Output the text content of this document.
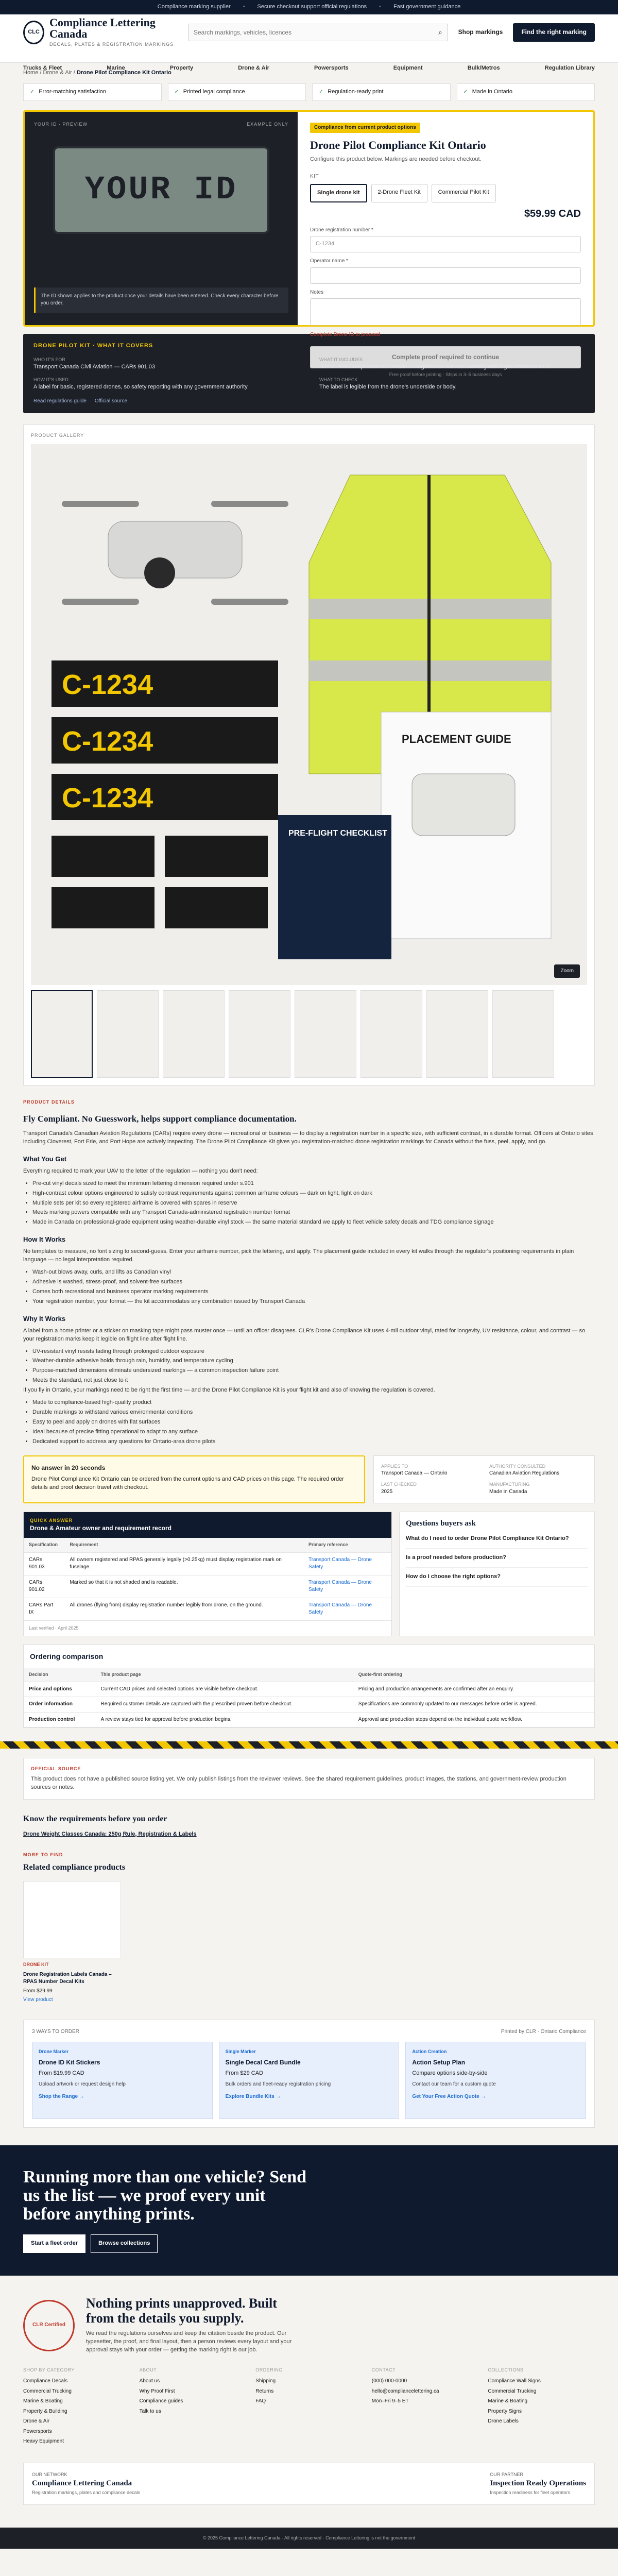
Compliance marking supplier • Secure checkout support official regulations • Fast government guidance
CLC
Compliance Lettering Canada
DECALS, PLATES & REGISTRATION MARKINGS
Search markings, vehicles, licences
⌕	Shop markings	Find the right marking
Trucks & Fleet	Marine	Property	Drone & Air	Powersports	Equipment	Bulk/Metros	Regulation Library
Home / Drone & Air / Drone Pilot Compliance Kit Ontario
✓ Error-matching satisfaction	✓ Printed legal compliance	✓ Regulation-ready print	✓ Made in Ontario
YOUR ID · PREVIEW	EXAMPLE ONLY
YOUR ID
The ID shown applies to the product once your details have been entered. Check every character before you order.
Compliance from current product options
Drone Pilot Compliance Kit Ontario
Configure this product below. Markings are needed before checkout.
KIT
Single drone kit	2-Drone Fleet Kit	Commercial Pilot Kit
$59.99 CAD
Drone registration number *
C-1234
Operator name *
Notes
Complete Drone ID to proceed
Complete proof required to continue
Free proof before printing · Ships in 3–5 business days
DRONE PILOT KIT · WHAT IT COVERS
WHO IT'S FOR
Transport Canada Civil Aviation — CARs 901.03
WHAT IT INCLUDES
Drone Pilot Compliance Kit Ontario — registration number marking with flight reference card.
HOW IT'S USED
A label for basic, registered drones, so safety reporting with any government authority.
WHAT TO CHECK
The label is legible from the drone's underside or body.
Read regulations guide Official source
PRODUCT GALLERY
C-1234
C-1234
C-1234
PLACEMENT GUIDE
PRE-FLIGHT CHECKLIST
Zoom
PRODUCT DETAILS
Fly Compliant. No Guesswork, helps support compliance documentation.

Transport Canada's Canadian Aviation Regulations (CARs) require every drone — recreational or business — to display a registration number in a specific size, with sufficient contrast, in a durable format. Officers at Ontario sites including Cloverest, Fort Erie, and Port Hope are actively inspecting. The Drone Pilot Compliance Kit gives you registration-matched drone registration markings for Canada without the fuss, peel, apply, and go.

What You Get

Everything required to mark your UAV to the letter of the regulation — nothing you don't need:

• Pre-cut vinyl decals sized to meet the minimum lettering dimension required under s.901
• High-contrast colour options engineered to satisfy contrast requirements against common airframe colours — dark on light, light on dark
• Multiple sets per kit so every registered airframe is covered with spares in reserve
• Meets marking powers compatible with any Transport Canada-administered registration number format
• Made in Canada on professional-grade equipment using weather-durable vinyl stock — the same material standard we apply to fleet vehicle safety decals and TDG compliance signage
How It Works

No templates to measure, no font sizing to second-guess. Enter your airframe number, pick the lettering, and apply. The placement guide included in every kit walks through the regulator's positioning requirements in plain language — no legal interpretation required.

• Wash-out blows away, curls, and lifts as Canadian vinyl
• Adhesive is washed, stress-proof, and solvent-free surfaces
• Comes both recreational and business operator marking requirements
• Your registration number, your format — the kit accommodates any combination issued by Transport Canada
Why It Works

A label from a home printer or a sticker on masking tape might pass muster once — until an officer disagrees. CLR's Drone Compliance Kit uses 4-mil outdoor vinyl, rated for longevity, UV resistance, colour, and contrast — so your registration marks keep it legible on flight line after flight line.

• UV-resistant vinyl resists fading through prolonged outdoor exposure
• Weather-durable adhesive holds through rain, humidity, and temperature cycling
• Purpose-matched dimensions eliminate undersized markings — a common inspection failure point
• Meets the standard, not just close to it

If you fly in Ontario, your markings need to be right the first time — and the Drone Pilot Compliance Kit is your flight kit and also of knowing the regulation is covered.

• Made to compliance-based high-quality product
• Durable markings to withstand various environmental conditions
• Easy to peel and apply on drones with flat surfaces
• Ideal because of precise fitting operational to adapt to any surface
• Dedicated support to address any questions for Ontario-area drone pilots
No answer in 20 seconds

Drone Pilot Compliance Kit Ontario can be ordered from the current options and CAD prices on this page. The required order details and proof decision travel with checkout.

APPLIES TO
Transport Canada — Ontario
AUTHORITY CONSULTED
Canadian Aviation Regulations
LAST CHECKED
2025
MANUFACTURING
Made in Canada
QUICK ANSWER
Drone & Amateur owner and requirement record
Specification	Requirement	Primary reference
CARs 901.03	All owners registered and RPAS generally legally (>0.25kg) must display registration mark on fuselage.	Transport Canada — Drone Safety
CARs 901.02	Marked so that it is not shaded and is readable.	Transport Canada — Drone Safety
CARs Part IX	All drones (flying from) display registration number legibly from drone, on the ground.	Transport Canada — Drone Safety
Last verified · April 2025
Questions buyers ask
What do I need to order Drone Pilot Compliance Kit Ontario?
Is a proof needed before production?
How do I choose the right options?
Ordering comparison
Decision	This product page	Quote-first ordering
Price and options	Current CAD prices and selected options are visible before checkout.	Pricing and production arrangements are confirmed after an enquiry.
Order information	Required customer details are captured with the prescribed proven before checkout.	Specifications are commonly updated to our messages before order is agreed.
Production control	A review stays tied for approval before production begins.	Approval and production steps depend on the individual quote workflow.
OFFICIAL SOURCE

This product does not have a published source listing yet. We only publish listings from the reviewer reviews. See the shared requirement guidelines, product images, the stations, and government-review production sources or notes.

Know the requirements before you order
Drone Weight Classes Canada: 250g Rule, Registration & Labels
MORE TO FIND
Related compliance products
DRONE KIT
Drone Registration Labels Canada – RPAS Number Decal Kits
From $29.99
View product
3 WAYS TO ORDER	Printed by CLR · Ontario Compliance
Drone Marker
Drone ID Kit Stickers
From $19.99 CAD
Upload artwork or request design help
Shop the Range →
Single Marker
Single Decal Card Bundle
From $29 CAD
Bulk orders and fleet-ready registration pricing
Explore Bundle Kits →
Action Creation
Action Setup Plan
Compare options side-by-side
Contact our team for a custom quote
Get Your Free Action Quote →
Running more than one vehicle? Send us the list — we proof every unit before anything prints.
Start a fleet order	Browse collections
CLR Certified
Nothing prints unapproved. Built from the details you supply.
We read the regulations ourselves and keep the citation beside the product. Our typesetter, the proof, and final layout, then a person reviews every layout and your approval stays with your order — getting the marking right is our job.
SHOP BY CATEGORY
Compliance Decals
Commercial Trucking
Marine & Boating
Property & Building
Drone & Air
Powersports
Heavy Equipment
ABOUT
About us
Why Proof First
Compliance guides
Talk to us
ORDERING
Shipping
Returns
FAQ
CONTACT
(000) 000-0000
hello@compliancelettering.ca
Mon–Fri 9–5 ET
COLLECTIONS
Compliance Wall Signs
Commercial Trucking
Marine & Boating
Property Signs
Drone Labels
OUR NETWORK
Compliance Lettering Canada
Registration markings, plates and compliance decals
OUR PARTNER
Inspection Ready Operations
Inspection readiness for fleet operators
© 2025 Compliance Lettering Canada · All rights reserved · Compliance Lettering is not the government
